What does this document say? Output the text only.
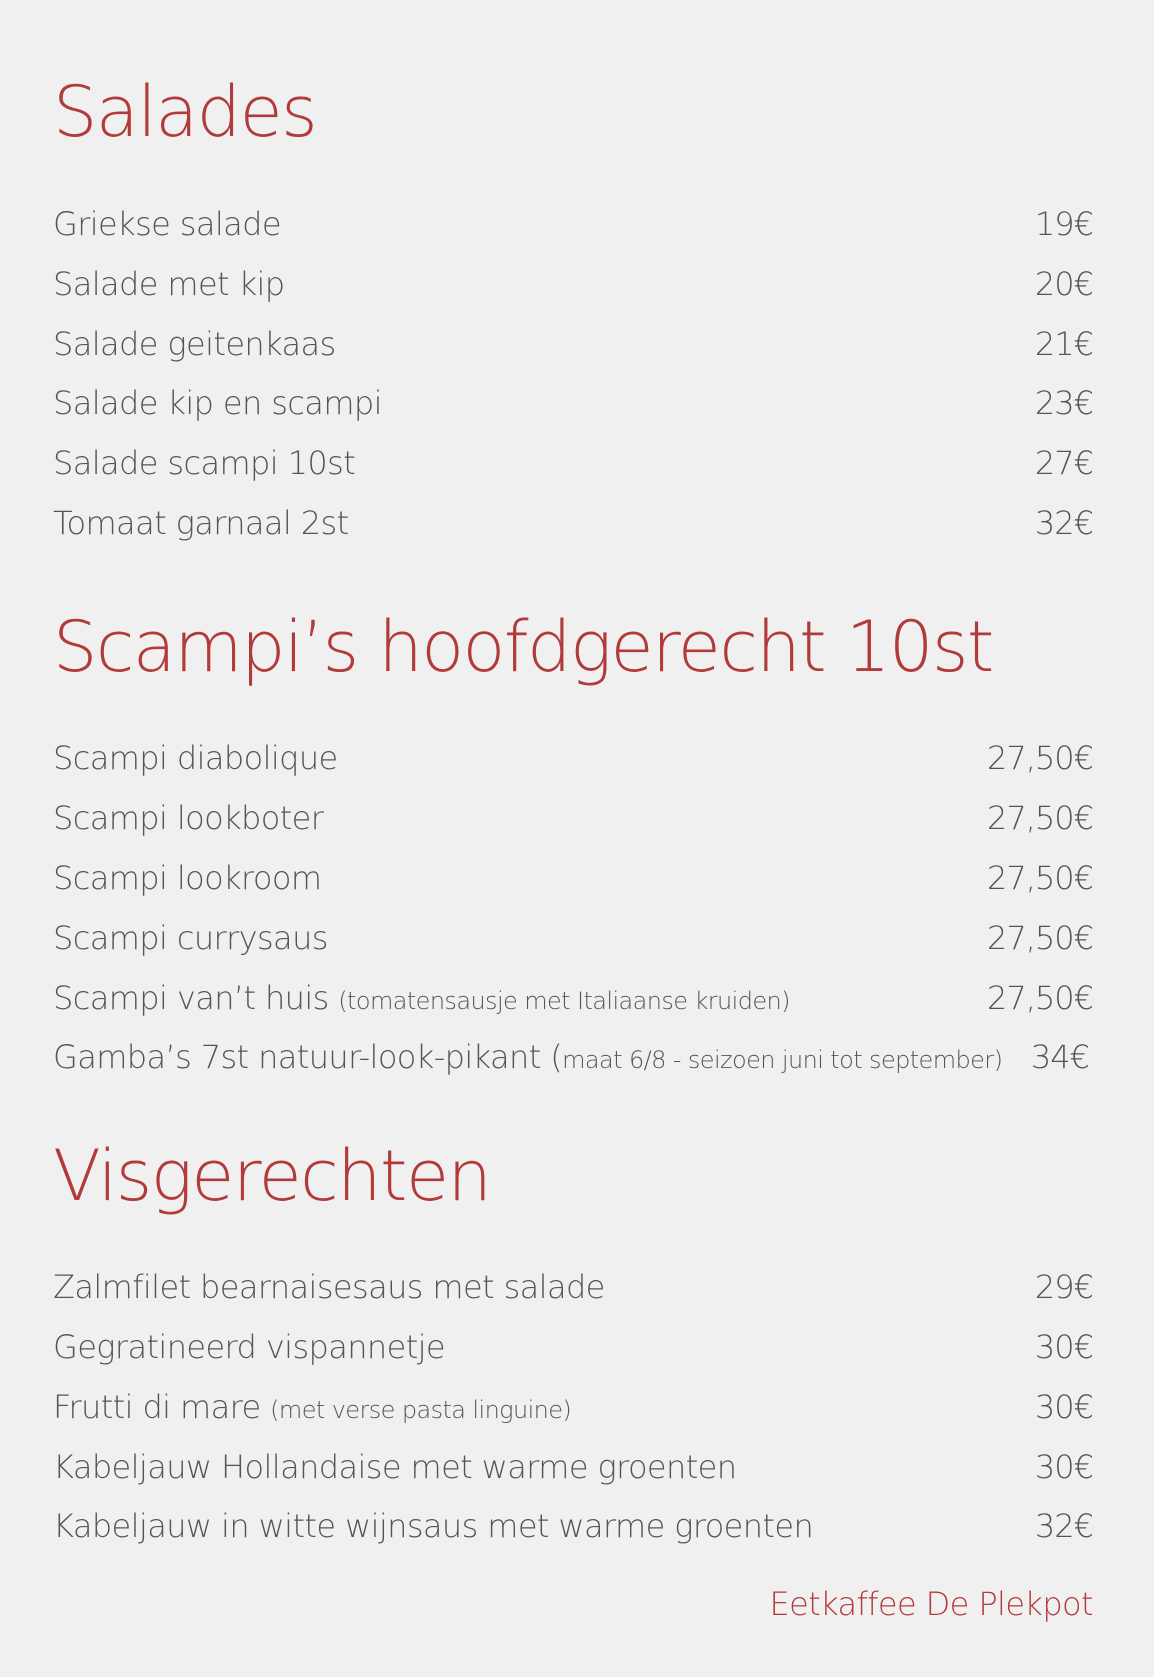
Salades
Griekse salade	19€
Salade met kip	20€
Salade geitenkaas	21€
Salade kip en scampi	23€
Salade scampi 10st	27€
Tomaat garnaal 2st	32€
Scampi’s hoofdgerecht 10st
Scampi diabolique	27,50€
Scampi lookboter	27,50€
Scampi lookroom	27,50€
Scampi currysaus	27,50€
Scampi van’t huis (tomatensausje met Italiaanse kruiden)	27,50€
Gamba’s 7st natuur-look-pikant (maat 6/8 - seizoen juni tot september) 34€
Visgerechten
Zalmfilet bearnaisesaus met salade	29€
Gegratineerd vispannetje	30€
Frutti di mare (met verse pasta linguine)	30€
Kabeljauw Hollandaise met warme groenten	30€
Kabeljauw in witte wijnsaus met warme groenten	32€
Eetkaffee De Plekpot
